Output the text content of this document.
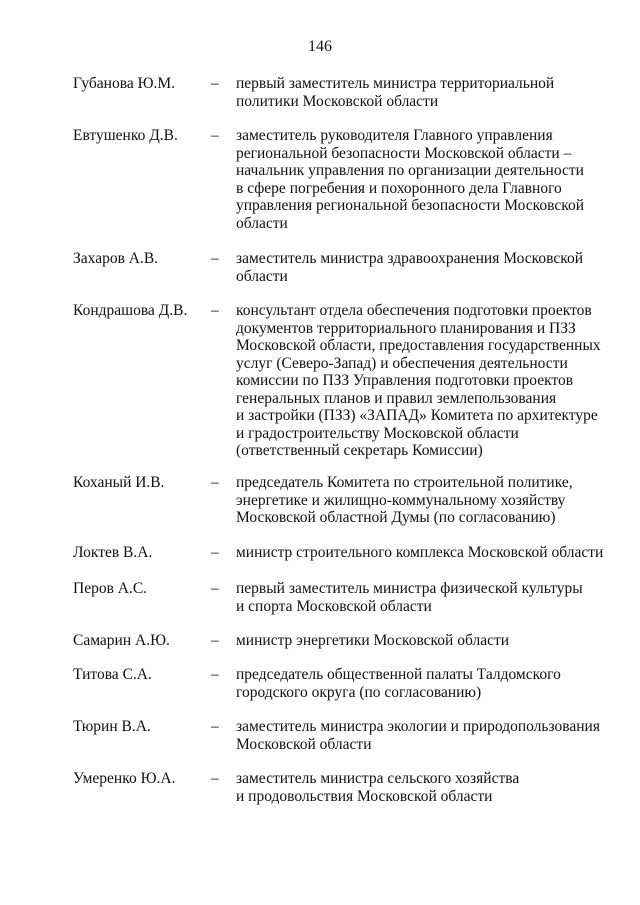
146
Губанова Ю.М. – первый заместитель министра территориальной
политики Московской области
Евтушенко Д.В. – заместитель руководителя Главного управления
региональной безопасности Московской области –
начальник управления по организации деятельности
в сфере погребения и похоронного дела Главного
управления региональной безопасности Московской
области
Захаров А.В.	– заместитель министра здравоохранения Московской
области
Кондрашова Д.В. – консультант отдела обеспечения подготовки проектов
документов территориального планирования и ПЗЗ
Московской области, предоставления государственных
услуг (Северо-Запад) и обеспечения деятельности
комиссии по ПЗЗ Управления подготовки проектов
генеральных планов и правил землепользования
и застройки (ПЗЗ) «ЗАПАД» Комитета по архитектуре
и градостроительству Московской области
(ответственный секретарь Комиссии)
Коханый И.В.	– председатель Комитета по строительной политике,
энергетике и жилищно-коммунальному хозяйству
Московской областной Думы (по согласованию)
Локтев В.А.	– министр строительного комплекса Московской области
Перов А.С.	– первый заместитель министра физической культуры
и спорта Московской области
Самарин А.Ю.	– министр энергетики Московской области
Титова С.А.	– председатель общественной палаты Талдомского
городского округа (по согласованию)
Тюрин В.А.	– заместитель министра экологии и природопользования
Московской области
Умеренко Ю.А. – заместитель министра сельского хозяйства
и продовольствия Московской области
